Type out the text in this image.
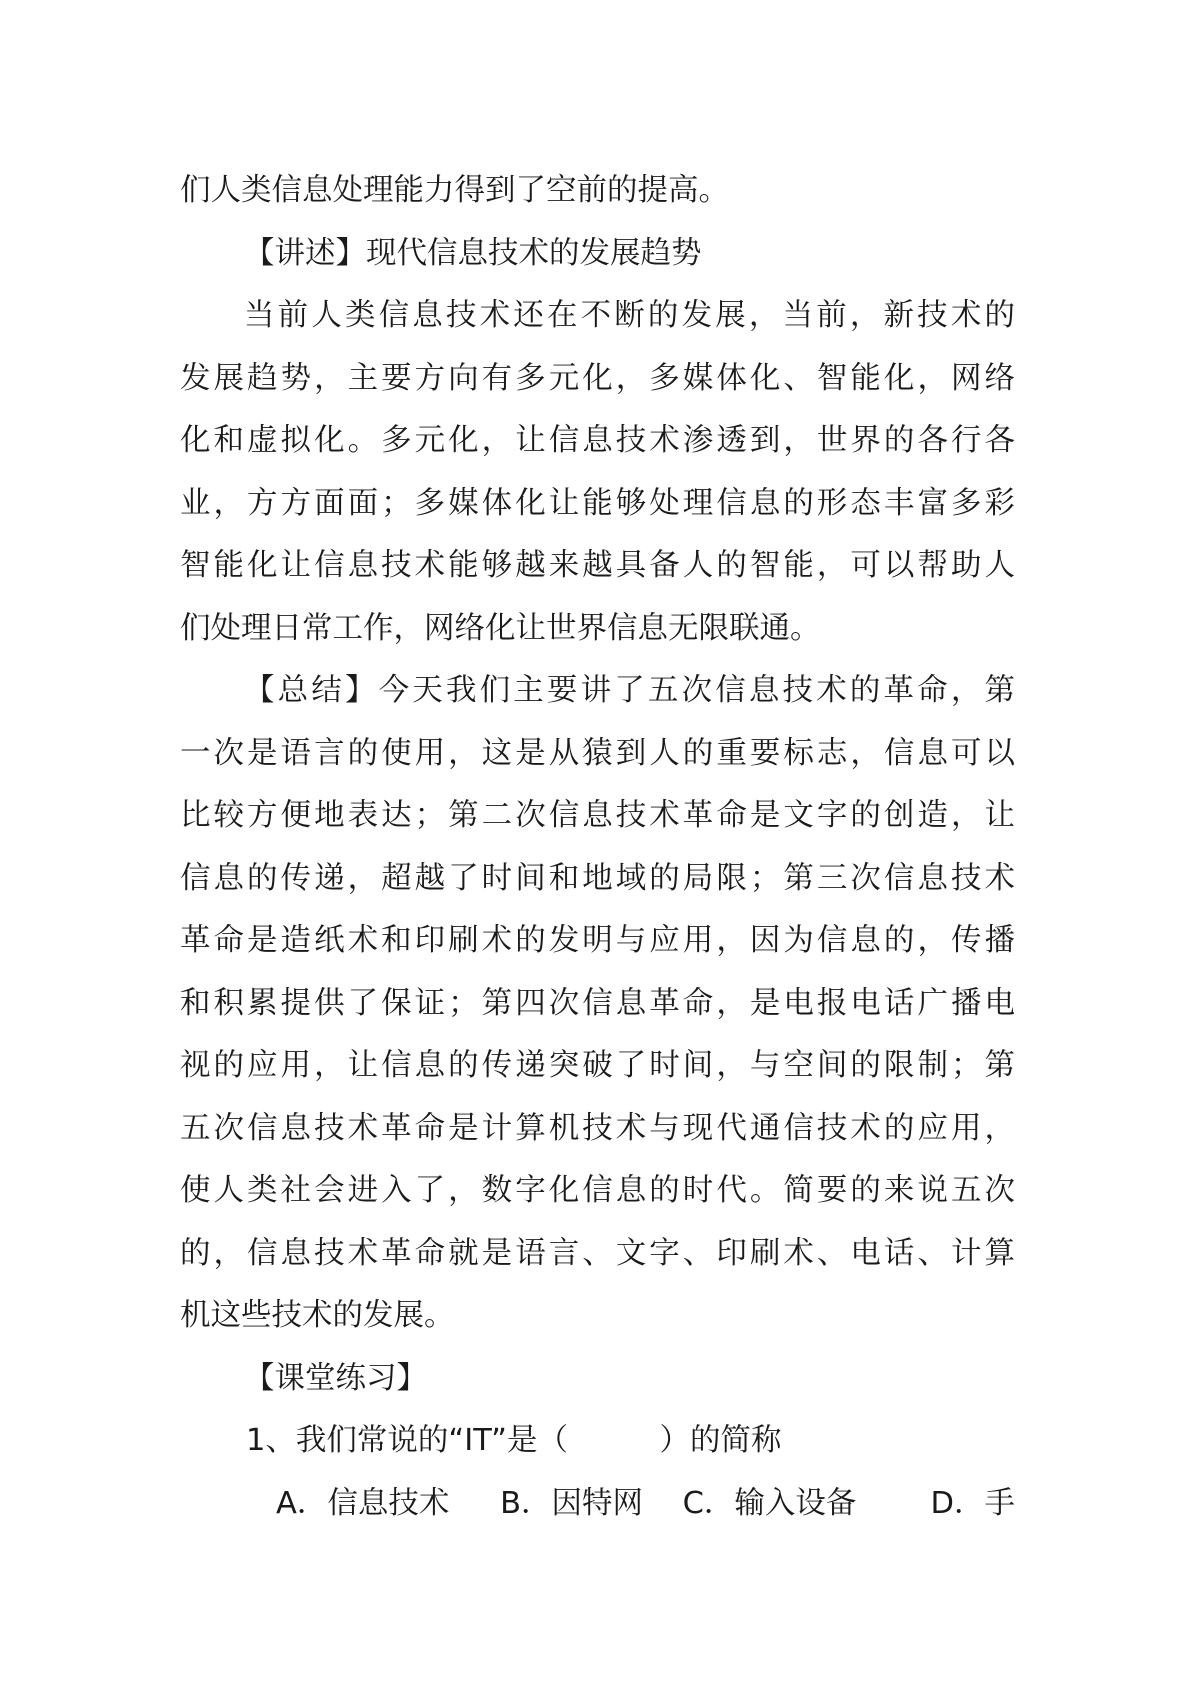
们人类信息处理能力得到了空前的提高。
【讲述】现代信息技术的发展趋势
当前人类信息技术还在不断的发展，当前，新技术的
发展趋势，主要方向有多元化，多媒体化、智能化，网络
化和虚拟化。多元化，让信息技术渗透到，世界的各行各
业，方方面面；多媒体化让能够处理信息的形态丰富多彩
智能化让信息技术能够越来越具备人的智能，可以帮助人
们处理日常工作，网络化让世界信息无限联通。
【总结】今天我们主要讲了五次信息技术的革命，第
一次是语言的使用，这是从猿到人的重要标志，信息可以
比较方便地表达；第二次信息技术革命是文字的创造，让
信息的传递，超越了时间和地域的局限；第三次信息技术
革命是造纸术和印刷术的发明与应用，因为信息的，传播
和积累提供了保证；第四次信息革命，是电报电话广播电
视的应用，让信息的传递突破了时间，与空间的限制；第
五次信息技术革命是计算机技术与现代通信技术的应用，
使人类社会进入了，数字化信息的时代。简要的来说五次
的，信息技术革命就是语言、文字、印刷术、电话、计算
机这些技术的发展。
【课堂练习】
1、我们常说的“IT”是（　　　）的简称
A．信息技术	B．因特网	C．输入设备	D．手
